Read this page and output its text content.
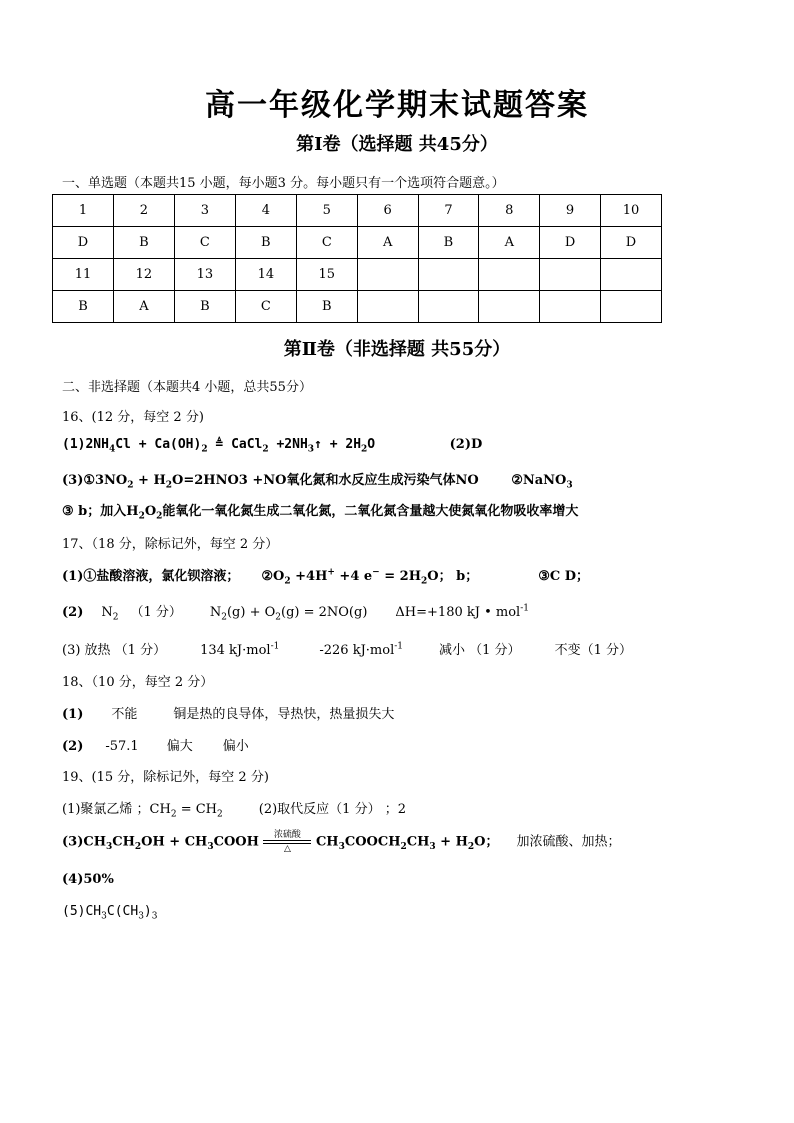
高一年级化学期末试题答案
第Ⅰ卷（选择题 共45分）
一、单选题（本题共15 小题，每小题3 分。每小题只有一个选项符合题意。）
1	2	3	4	5	6	7	8	9	10
D	B	C	B	C	A	B	A	D	D
11	12	13	14	15					
B	A	B	C	B					
第Ⅱ卷（非选择题 共55分）
二、非选择题（本题共4 小题，总共55分）
16、(12 分，每空 2 分)
$(1)2NH_4Cl + Ca(OH)_2$ ≜ CaCl$_2$ $+2NH_3↑ + 2H_2O$	(2)D
$(3)①3NO_2 + H_2O=2HNO3 +NO$氧化氮和水反应生成污染气体NO	②NaNO$_3$
③ b；加入$H_2O_2$能氧化一氧化氮生成二氧化氮，二氧化氮含量越大使氮氧化物吸收率增大
17、（18 分，除标记外，每空 2 分）
(1)①盐酸溶液，氯化钡溶液； $②O_2 +4H^+ +4$ $e^- = 2H_2O$； b；	③C D；
(2) $N_2$ （1 分） $N_2(g) + O_2(g) = 2NO(g)$ ΔH=+180 kJ • mol$^{-1}$
(3) 放热 （1 分）	134 kJ·mol$^{-1}$	-226 kJ·mol$^{-1}$	减小 （1 分）	不变（1 分）
18、（10 分，每空 2 分）
(1) 不能	铜是热的良导体，导热快，热量损失大
(2) -57.1 偏大 偏小
19、(15 分，除标记外，每空 2 分)
(1)聚氯乙烯 ；$CH_2 = CH_2$	(2)取代反应（1 分） ；2
$(3)CH_3CH_2OH$ + $CH_3COOH$	浓硫酸
△	$CH_3COOCH_2CH_3 + H_2O$； 加浓硫酸、加热；
(4)50%
$(5)CH_3C(CH_3)_3$
